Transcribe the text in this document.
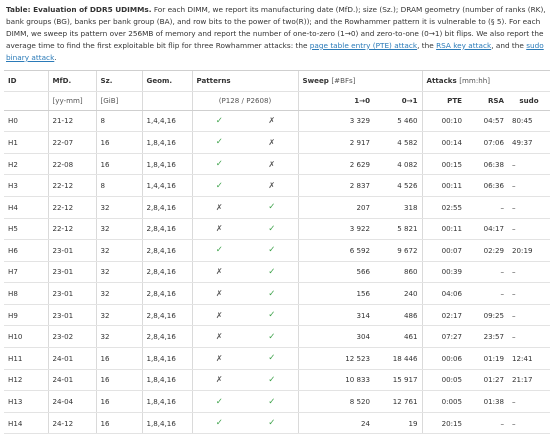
Table: Evaluation of DDR5 UDIMMs. For each DIMM, we report its manufacturing date (MfD.); size (Sz.); DRAM geometry (number of ranks (RK), bank groups (BG), banks per bank group (BA), and row bits to the power of two(R)); and the Rowhammer pattern it is vulnerable to (§ 5). For each DIMM, we sweep its pattern over 256MB of memory and report the number of one-to-zero (1→0) and zero-to-one (0→1) bit flips. We also report the average time to find the first exploitable bit flip for three Rowhammer attacks: the page table entry (PTE) attack, the RSA key attack, and the sudo binary attack.

ID	MfD.	Sz.	Geom.	Patterns		Sweep [#BFs]		Attacks [mm:hh]		
	[yy-mm]	[GiB]		(P128 / P2608)		1→0	0→1	PTE	RSA	sudo
H0	21-12	8	1,4,4,16	✓	✗	3 329	5 460	00:10	04:57	80:45
H1	22-07	16	1,8,4,16	✓	✗	2 917	4 582	00:14	07:06	49:37
H2	22-08	16	1,8,4,16	✓	✗	2 629	4 082	00:15	06:38	–
H3	22-12	8	1,4,4,16	✓	✗	2 837	4 526	00:11	06:36	–
H4	22-12	32	2,8,4,16	✗	✓	207	318	02:55	–	–
H5	22-12	32	2,8,4,16	✗	✓	3 922	5 821	00:11	04:17	–
H6	23-01	32	2,8,4,16	✓	✓	6 592	9 672	00:07	02:29	20:19
H7	23-01	32	2,8,4,16	✗	✓	566	860	00:39	–	–
H8	23-01	32	2,8,4,16	✗	✓	156	240	04:06	–	–
H9	23-01	32	2,8,4,16	✗	✓	314	486	02:17	09:25	–
H10	23-02	32	2,8,4,16	✗	✓	304	461	07:27	23:57	–
H11	24-01	16	1,8,4,16	✗	✓	12 523	18 446	00:06	01:19	12:41
H12	24-01	16	1,8,4,16	✗	✓	10 833	15 917	00:05	01:27	21:17
H13	24-04	16	1,8,4,16	✓	✓	8 520	12 761	0:005	01:38	–
H14	24-12	16	1,8,4,16	✓	✓	24	19	20:15	–	–
